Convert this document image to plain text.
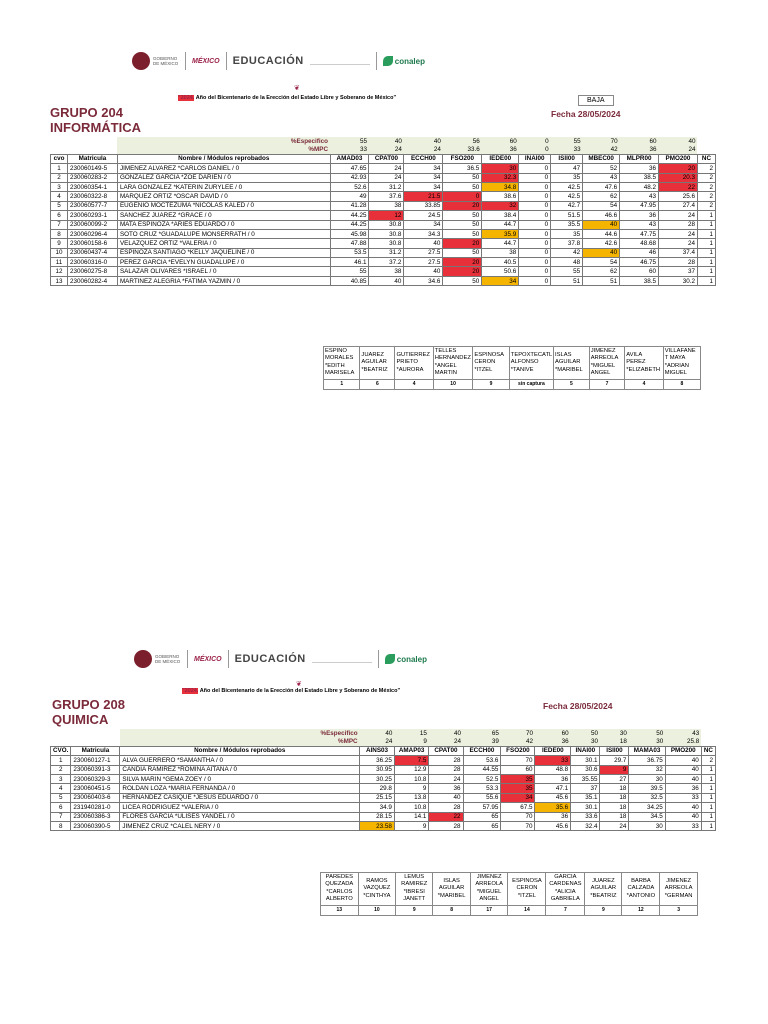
GOBIERNO DE MÉXICO MÉXICO EDUCACIÓN	conalep
❦
"2024. Año del Bicentenario de la Erección del Estado Libre y Soberano de México"	BAJA
GRUPO 204
INFORMÁTICA
Fecha 28/05/2024
		%Especifico	55	40	40	56	60	0	55	70	60	40	
		%MPC	33	24	24	33.6	36	0	33	42	36	24	
cvo	Matricula	Nombre / Módulos reprobados	AMAD03	CPAT00	ECCH00	FSO200	IEDE00	INAI00	ISII00	MBEC00	MLPR00	PMO200	NC
1	230060149-5	JIMENEZ ALVAREZ *CARLOS DANIEL / 0	47.65	24	34	36.5	30	0	47	52	36	20	2
2	230060283-2	GONZALEZ GARCIA *ZOE DARIEN / 0	42.93	24	34	50	32.3	0	35	43	38.5	20.3	2
3	230060354-1	LARA GONZALEZ *KATERIN ZURYLEE / 0	52.6	31.2	34	50	34.8	0	42.5	47.6	48.2	22	2
4	230060322-8	MARQUEZ ORTIZ *OSCAR DAVID / 0	49	37.6	21.5	0	38.6	0	42.5	62	43	25.6	2
5	230060577-7	EUGENIO MOCTEZUMA *NICOLAS KALED / 0	41.28	38	33.85	20	32	0	42.7	54	47.95	27.4	2
6	230060293-1	SANCHEZ JUAREZ *GRACE / 0	44.25	12	24.5	50	38.4	0	51.5	46.6	36	24	1
7	230060099-2	MATA ESPINOZA *ARIES EDUARDO / 0	44.25	30.8	34	50	44.7	0	35.5	40	43	28	1
8	230060296-4	SOTO CRUZ *GUADALUPE MONSERRATH / 0	45.98	30.8	34.3	50	35.9	0	35	44.6	47.75	24	1
9	230060158-6	VELAZQUEZ ORTIZ *VALERIA / 0	47.88	30.8	40	20	44.7	0	37.8	42.6	48.68	24	1
10	230060437-4	ESPINOZA SANTIAGO *KELLY JAQUELINE / 0	53.5	31.2	27.5	50	38	0	42	40	46	37.4	1
11	230060316-0	PEREZ GARCIA *EVELYN GUADALUPE / 0	46.1	37.2	27.5	20	40.5	0	48	54	46.75	28	1
12	230060275-8	SALAZAR OLIVARES *ISRAEL / 0	55	38	40	20	50.6	0	55	62	60	37	1
13	230060282-4	MARTINEZ ALEGRIA *FATIMA YAZMIN / 0	40.85	40	34.6	50	34	0	51	51	38.5	30.2	1
ESPINO MORALES *EDITH MARISELA	JUAREZ AGUILAR *BEATRIZ	GUTIERREZ PRIETO *AURORA	TELLES HERNANDEZ *ANGEL MARTIN	ESPINOSA CERON *ITZEL	TEPOXTECATL ALFONSO *TANIVE	ISLAS AGUILAR *MARIBEL	JIMENEZ ARREOLA *MIGUEL ANGEL	AVILA PEREZ *ELIZABETH	VILLAFANE T MAYA *ADRIAN MIGUEL
1	6	4	10	9	sin captura	5	7	4	8
GOBIERNO DE MÉXICO MÉXICO EDUCACIÓN	conalep
❦
"2024. Año del Bicentenario de la Erección del Estado Libre y Soberano de México"
GRUPO 208
QUIMICA
Fecha 28/05/2024
		%Especifico	40	15	40	65	70	60	50	30	50	43	
		%MPC	24	9	24	39	42	36	30	18	30	25.8	
CVO.	Matricula	Nombre / Módulos reprobados	AINS03	AMAP03	CPAT00	ECCH00	FSO200	IEDE00	INAI00	ISII00	MAMA03	PMO200	NC
1	230060127-1	ALVA GUERRERO *SAMANTHA / 0	36.25	7.5	28	53.6	70	33	30.1	29.7	36.75	40	2
2	230060391-3	CANDIA RAMIREZ *ROMINA AITANA / 0	30.95	12.9	28	44.55	60	48.8	30.6	9	32	40	1
3	230060329-3	SILVA MARIN *GEMA ZOEY / 0	30.25	10.8	24	52.5	35	36	35.55	27	30	40	1
4	230060451-5	ROLDAN LOZA *MARIA FERNANDA / 0	29.8	9	36	53.3	35	47.1	37	18	39.5	36	1
5	230060403-6	HERNANDEZ CASIQUE *JESUS EDUARDO / 0	25.15	13.8	40	55.6	34	45.6	35.1	18	32.5	33	1
6	231940281-0	LICEA RODRIGUEZ *VALERIA / 0	34.9	10.8	28	57.95	67.5	35.6	30.1	18	34.25	40	1
7	230060386-3	FLORES GARCIA *ULISES YANDEL / 0	28.15	14.1	22	65	70	36	33.6	18	34.5	40	1
8	230060390-5	JIMENEZ CRUZ *CALEL NERY / 0	23.58	9	28	65	70	45.6	32.4	24	30	33	1
PAREDES QUEZADA *CARLOS ALBERTO	RAMOS VAZQUEZ *CINTHYA	LEMUS RAMIREZ *IBRESI JANETT	ISLAS AGUILAR *MARIBEL	JIMENEZ ARREOLA *MIGUEL ANGEL	ESPINOSA CERON *ITZEL	GARCIA CARDENAS *ALICIA GABRIELA	JUAREZ AGUILAR *BEATRIZ	BARBA CALZADA *ANTONIO	JIMENEZ ARREOLA *GERMAN
13	10	9	8	17	14	7	9	12	3
